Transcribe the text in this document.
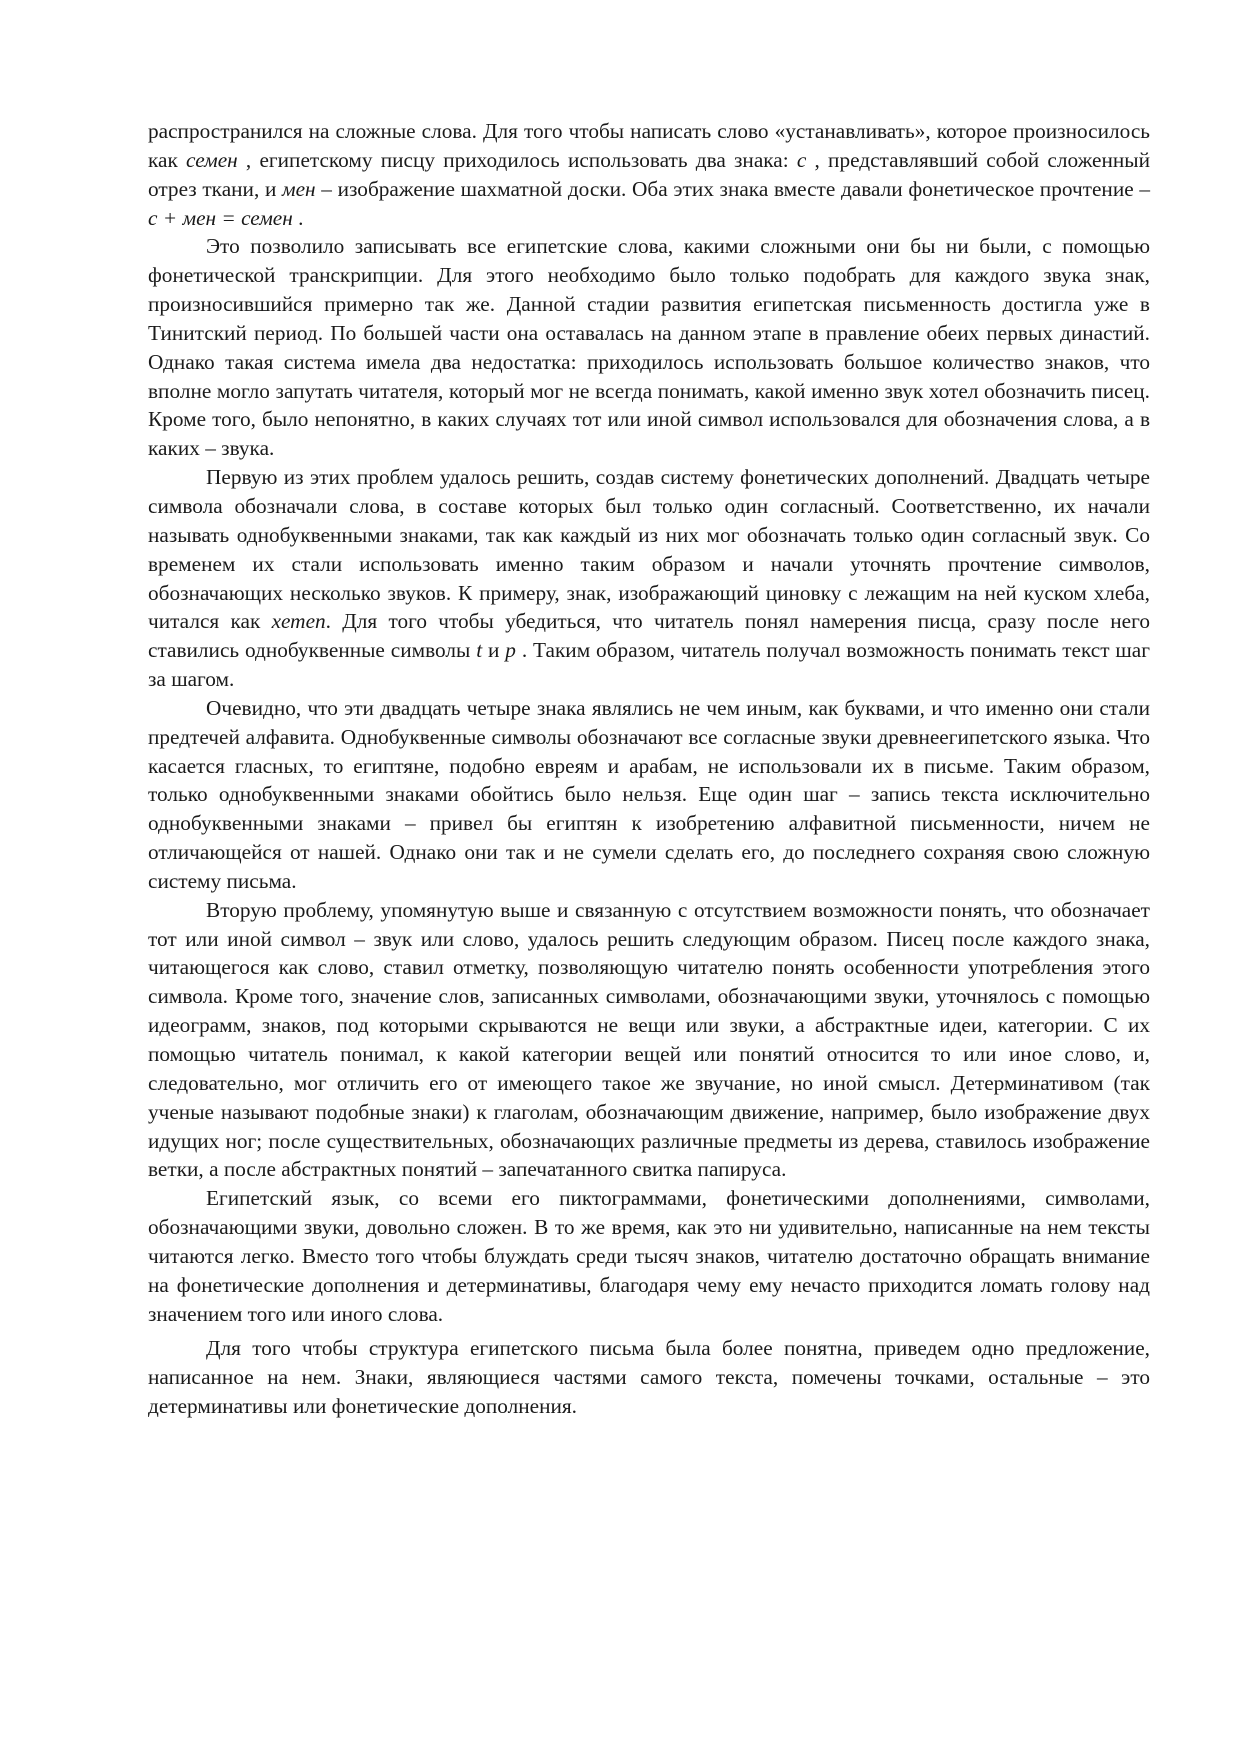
распространился на сложные слова. Для того чтобы написать слово «устанавливать», которое произносилось как семен , египетскому писцу приходилось использовать два знака: с , представлявший собой сложенный отрез ткани, и мен – изображение шахматной доски. Оба этих знака вместе давали фонетическое прочтение – с + мен = семен .

Это позволило записывать все египетские слова, какими сложными они бы ни были, с помощью фонетической транскрипции. Для этого необходимо было только подобрать для каждого звука знак, произносившийся примерно так же. Данной стадии развития египетская письменность достигла уже в Тинитский период. По большей части она оставалась на данном этапе в правление обеих первых династий. Однако такая система имела два недостатка: приходилось использовать большое количество знаков, что вполне могло запутать читателя, который мог не всегда понимать, какой именно звук хотел обозначить писец. Кроме того, было непонятно, в каких случаях тот или иной символ использовался для обозначения слова, а в каких – звука.

Первую из этих проблем удалось решить, создав систему фонетических дополнений. Двадцать четыре символа обозначали слова, в составе которых был только один согласный. Соответственно, их начали называть однобуквенными знаками, так как каждый из них мог обозначать только один согласный звук. Со временем их стали использовать именно таким образом и начали уточнять прочтение символов, обозначающих несколько звуков. К примеру, знак, изображающий циновку с лежащим на ней куском хлеба, читался как хетеп. Для того чтобы убедиться, что читатель понял намерения писца, сразу после него ставились однобуквенные символы t и p . Таким образом, читатель получал возможность понимать текст шаг за шагом.

Очевидно, что эти двадцать четыре знака являлись не чем иным, как буквами, и что именно они стали предтечей алфавита. Однобуквенные символы обозначают все согласные звуки древнеегипетского языка. Что касается гласных, то египтяне, подобно евреям и арабам, не использовали их в письме. Таким образом, только однобуквенными знаками обойтись было нельзя. Еще один шаг – запись текста исключительно однобуквенными знаками – привел бы египтян к изобретению алфавитной письменности, ничем не отличающейся от нашей. Однако они так и не сумели сделать его, до последнего сохраняя свою сложную систему письма.

Вторую проблему, упомянутую выше и связанную с отсутствием возможности понять, что обозначает тот или иной символ – звук или слово, удалось решить следующим образом. Писец после каждого знака, читающегося как слово, ставил отметку, позволяющую читателю понять особенности употребления этого символа. Кроме того, значение слов, записанных символами, обозначающими звуки, уточнялось с помощью идеограмм, знаков, под которыми скрываются не вещи или звуки, а абстрактные идеи, категории. С их помощью читатель понимал, к какой категории вещей или понятий относится то или иное слово, и, следовательно, мог отличить его от имеющего такое же звучание, но иной смысл. Детерминативом (так ученые называют подобные знаки) к глаголам, обозначающим движение, например, было изображение двух идущих ног; после существительных, обозначающих различные предметы из дерева, ставилось изображение ветки, а после абстрактных понятий – запечатанного свитка папируса.

Египетский язык, со всеми его пиктограммами, фонетическими дополнениями, символами, обозначающими звуки, довольно сложен. В то же время, как это ни удивительно, написанные на нем тексты читаются легко. Вместо того чтобы блуждать среди тысяч знаков, читателю достаточно обращать внимание на фонетические дополнения и детерминативы, благодаря чему ему нечасто приходится ломать голову над значением того или иного слова.

Для того чтобы структура египетского письма была более понятна, приведем одно предложение, написанное на нем. Знаки, являющиеся частями самого текста, помечены точками, остальные – это детерминативы или фонетические дополнения.
